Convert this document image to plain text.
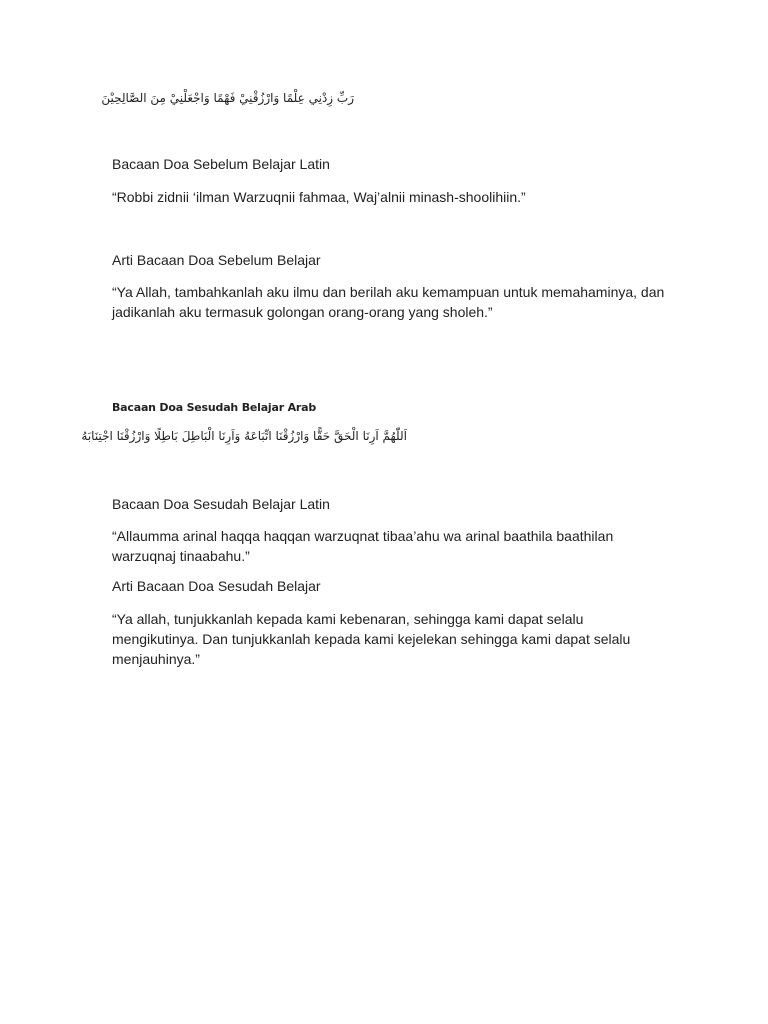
رَبِّ زِدْنِي عِلْمًا وَارْزُقْنِيْ فَهْمًا وَاجْعَلْنِيْ مِنَ الصَّالِحِيْنَ
Bacaan Doa Sebelum Belajar Latin
“Robbi zidnii ‘ilman Warzuqnii fahmaa, Waj’alnii minash-shoolihiin.”
Arti Bacaan Doa Sebelum Belajar
“Ya Allah, tambahkanlah aku ilmu dan berilah aku kemampuan untuk memahaminya, dan jadikanlah aku termasuk golongan orang-orang yang sholeh.”
Bacaan Doa Sesudah Belajar Arab
اَللّٰهُمَّ اَرِنَا الْحَقَّ حَقًّا وَارْزُقْنَا اتِّبَاعَهُ وَاَرِنَا الْبَاطِلَ بَاطِلًا وَارْزُقْنَا اجْتِنَابَهُ
Bacaan Doa Sesudah Belajar Latin
“Allaumma arinal haqqa haqqan warzuqnat tibaa’ahu wa arinal baathila baathilan warzuqnaj tinaabahu.”
Arti Bacaan Doa Sesudah Belajar
“Ya allah, tunjukkanlah kepada kami kebenaran, sehingga kami dapat selalu mengikutinya. Dan tunjukkanlah kepada kami kejelekan sehingga kami dapat selalu menjauhinya.”
